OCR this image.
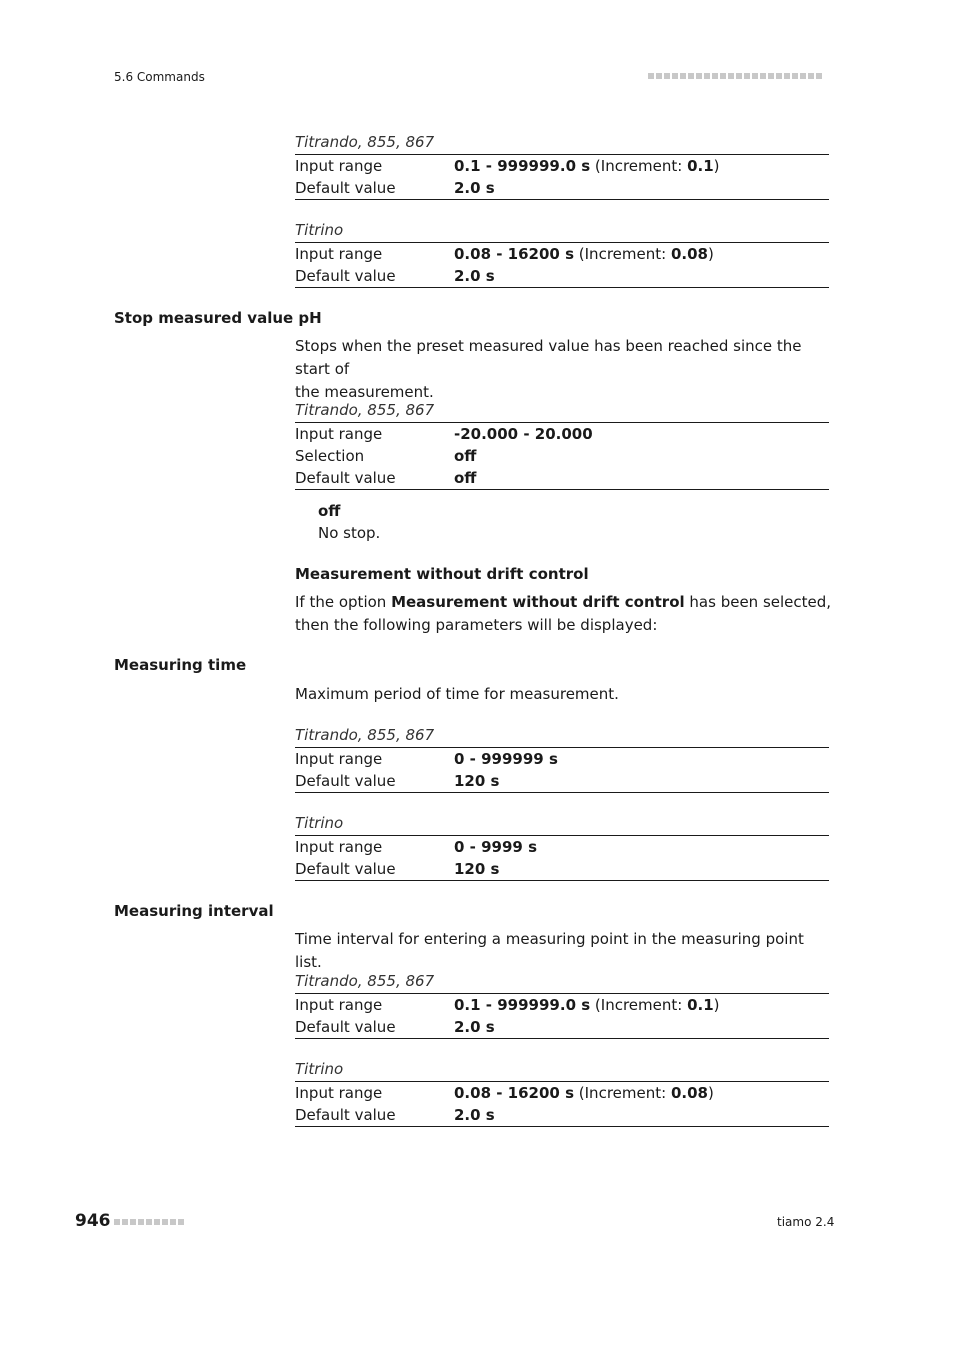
5.6 Commands
Titrando, 855, 867
Input range	0.1 - 999999.0 s (Increment: 0.1)
Default value	2.0 s
Titrino
Input range	0.08 - 16200 s (Increment: 0.08)
Default value	2.0 s
Stop measured value pH
Stops when the preset measured value has been reached since the start of
the measurement.
Titrando, 855, 867
Input range	-20.000 - 20.000
Selection	off
Default value	off
off
No stop.
Measurement without drift control
If the option Measurement without drift control has been selected,
then the following parameters will be displayed:
Measuring time
Maximum period of time for measurement.
Titrando, 855, 867
Input range	0 - 999999 s
Default value	120 s
Titrino
Input range	0 - 9999 s
Default value	120 s
Measuring interval
Time interval for entering a measuring point in the measuring point list.
Titrando, 855, 867
Input range	0.1 - 999999.0 s (Increment: 0.1)
Default value	2.0 s
Titrino
Input range	0.08 - 16200 s (Increment: 0.08)
Default value	2.0 s
946	tiamo 2.4
